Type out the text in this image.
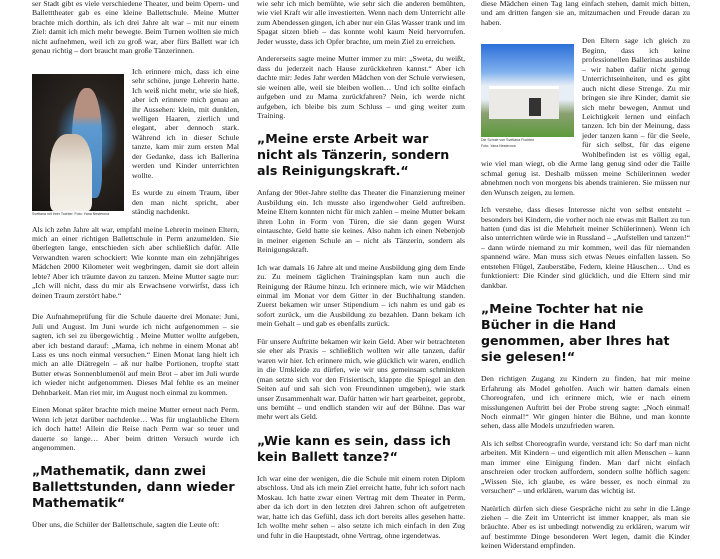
ser Stadt gibt es viele verschiedene Theater, und beim Opern- und Balletttheater gab es eine kleine Ballettschule. Meine Mutter brachte mich dorthin, als ich drei Jahre alt war – mit nur einem Ziel: damit ich mich mehr bewegte. Beim Turnen wollten sie mich nicht aufnehmen, weil ich zu groß war, aber fürs Ballett war ich genau richtig – dort braucht man große Tänzerinnen.

Svetlana mit ihrer Tochter. Foto: Yana Nesterova

Ich erinnere mich, dass ich eine sehr schöne, junge Lehrerin hatte. Ich weiß nicht mehr, wie sie hieß, aber ich erinnere mich genau an ihr Aussehen: klein, mit dunklen, welligen Haaren, zierlich und elegant, aber dennoch stark. Während ich in dieser Schule tanzte, kam mir zum ersten Mal der Gedanke, dass ich Ballerina werden und Kinder unterrichten wollte.

Es wurde zu einem Traum, über den man nicht spricht, aber ständig nachdenkt.

Als ich zehn Jahre alt war, empfahl meine Lehrerin meinen Eltern, mich an einer richtigen Ballettschule in Perm anzumelden. Sie überlegten lange, entschieden sich aber schließlich dafür. Alle Verwandten waren schockiert: Wie konnte man ein zehnjähriges Mädchen 2000 Kilometer weit wegbringen, damit sie dort allein lebte? Aber ich träumte davon zu tanzen. Meine Mutter sagte nur: „Ich will nicht, dass du mir als Erwachsene vorwirfst, dass ich deinen Traum zerstört habe.“

Die Aufnahmeprüfung für die Schule dauerte drei Monate: Juni, Juli und August. Im Juni wurde ich nicht aufgenommen – sie sagten, ich sei zu übergewichtig . Meine Mutter wollte aufgeben, aber ich bestand darauf: „Mama, ich nehme in einem Monat ab! Lass es uns noch einmal versuchen.“ Einen Monat lang hielt ich mich an alle Diätregeln – aß nur halbe Portionen, tropfte statt Butter etwas Sonnenblumenöl auf mein Brot – aber im Juli wurde ich wieder nicht aufgenommen. Dieses Mal fehlte es an meiner Dehnbarkeit. Man riet mir, im August noch einmal zu kommen.

Einen Monat später brachte mich meine Mutter erneut nach Perm. Wenn ich jetzt darüber nachdenke… Was für unglaubliche Eltern ich doch hatte! Allein die Reise nach Perm war so teuer und dauerte so lange… Aber beim dritten Versuch wurde ich angenommen.

„Mathematik, dann zwei Ballettstunden, dann wieder Mathematik“

Über uns, die Schüler der Ballettschule, sagten die Leute oft:

wie sehr ich mich bemühte, wie sehr sich die anderen bemühten, wie viel Kraft wir alle investierten. Wenn nach dem Unterricht alle zum Abendessen gingen, ich aber nur ein Glas Wasser trank und im Spagat sitzen blieb – das konnte wohl kaum Neid hervorrufen. Jeder wusste, dass ich Opfer brachte, um mein Ziel zu erreichen.

Andererseits sagte meine Mutter immer zu mir: „Sweta, du weißt, dass du jederzeit nach Hause zurückkehren kannst.“ Aber ich dachte mir: Jedes Jahr werden Mädchen von der Schule verwiesen, sie weinen alle, weil sie bleiben wollen… Und ich sollte einfach aufgeben und zu Mama zurückfahren? Nein, ich werde nicht aufgeben, ich bleibe bis zum Schluss – und ging weiter zum Training.

„Meine erste Arbeit war nicht als Tänzerin, sondern als Reinigungskraft.“

Anfang der 90er-Jahre stellte das Theater die Finanzierung meiner Ausbildung ein. Ich musste also irgendwoher Geld auftreiben. Meine Eltern konnten nicht für mich zahlen – meine Mutter bekam ihren Lohn in Form von Türen, die sie dann gegen Wurst eintauschte, Geld hatte sie keines. Also nahm ich einen Nebenjob in meiner eigenen Schule an – nicht als Tänzerin, sondern als Reinigungskraft.

Ich war damals 16 Jahre alt und meine Ausbildung ging dem Ende zu. Zu meinem täglichen Trainingsplan kam nun auch die Reinigung der Räume hinzu. Ich erinnere mich, wie wir Mädchen einmal im Monat vor dem Gitter in der Buchhaltung standen. Zuerst bekamen wir unser Stipendium – ich nahm es und gab es sofort zurück, um die Ausbildung zu bezahlen. Dann bekam ich mein Gehalt – und gab es ebenfalls zurück.

Für unsere Auftritte bekamen wir kein Geld. Aber wir betrachteten sie eher als Praxis – schließlich wollten wir alle tanzen, dafür waren wir hier. Ich erinnere mich, wie glücklich wir waren, endlich in die Umkleide zu dürfen, wie wir uns gemeinsam schminkten (man setzte sich vor den Frisiertisch, klappte die Spiegel an den Seiten auf und sah sich von Freundinnen umgeben), wie stark unser Zusammenhalt war. Dafür hatten wir hart gearbeitet, geprobt, uns bemüht – und endlich standen wir auf der Bühne. Das war mehr wert als Geld.

„Wie kann es sein, dass ich kein Ballett tanze?“

Ich war eine der wenigen, die die Schule mit einem roten Diplom abschloss. Und als ich mein Ziel erreicht hatte, fuhr ich sofort nach Moskau. Ich hatte zwar einen Vertrag mit dem Theater in Perm, aber da ich dort in den letzten drei Jahren schon oft aufgetreten war, hatte ich das Gefühl, dass ich dort bereits alles gesehen hatte. Ich wollte mehr sehen – also setzte ich mich einfach in den Zug und fuhr in die Hauptstadt, ohne Vertrag, ohne irgendetwas.

diese Mädchen einen Tag lang einfach stehen, damit mich bitten, und am dritten fangen sie an, mitzumachen und Freude daran zu haben.

Die Schule von Svetlana Fuchten
Foto: Yana Nesterova

Den Eltern sage ich gleich zu Beginn, dass ich keine professionellen Ballerinas ausbilde – wir haben dafür nicht genug Unterrichtseinheiten, und es gibt auch nicht diese Strenge. Zu mir bringen sie ihre Kinder, damit sie sich mehr bewegen, Anmut und Leichtigkeit lernen und einfach tanzen. Ich bin der Meinung, dass jeder tanzen kann – für die Seele, für sich selbst, für das eigene Wohlbefinden ist es völlig egal, wie viel man wiegt, ob die Arme lang genug sind oder die Taille schmal genug ist. Deshalb müssen meine Schülerinnen weder abnehmen noch von morgens bis abends trainieren. Sie müssen nur den Wunsch zeigen, zu lernen.

Ich verstehe, dass dieses Interesse nicht von selbst entsteht – besonders bei Kindern, die vorher noch nie etwas mit Ballett zu tun hatten (und das ist die Mehrheit meiner Schülerinnen). Wenn ich also unterrichten würde wie in Russland – „Aufstellen und tanzen!“ – dann würde niemand zu mir kommen, weil das für niemanden spannend wäre. Man muss sich etwas Neues einfallen lassen. So entstehen Flügel, Zauberstäbe, Federn, kleine Häuschen… Und es funktioniert: Die Kinder sind glücklich, und die Eltern sind mir dankbar.

„Meine Tochter hat nie Bücher in die Hand genommen, aber Ihres hat sie gelesen!“

Den richtigen Zugang zu Kindern zu finden, hat mir meine Erfahrung als Model geholfen. Auch wir hatten damals einen Choreografen, und ich erinnere mich, wie er nach einem misslungenen Auftritt bei der Probe streng sagte: „Noch einmal! Noch einmal!“ Wir gingen hinter die Bühne, und man konnte sehen, dass alle Models unzufrieden waren.

Als ich selbst Choreografin wurde, verstand ich: So darf man nicht arbeiten. Mit Kindern – und eigentlich mit allen Menschen – kann man immer eine Einigung finden. Man darf nicht einfach anschreien oder trocken auffordern, sondern sollte höflich sagen: „Wissen Sie, ich glaube, es wäre besser, es noch einmal zu versuchen“ – und erklären, warum das wichtig ist.

Natürlich dürfen sich diese Gespräche nicht zu sehr in die Länge ziehen – die Zeit im Unterricht ist immer knapper, als man sie bräuchte. Aber es ist unbedingt notwendig zu erklären, warum wir auf bestimmte Dinge besonderen Wert legen, damit die Kinder keinen Widerstand empfinden.
